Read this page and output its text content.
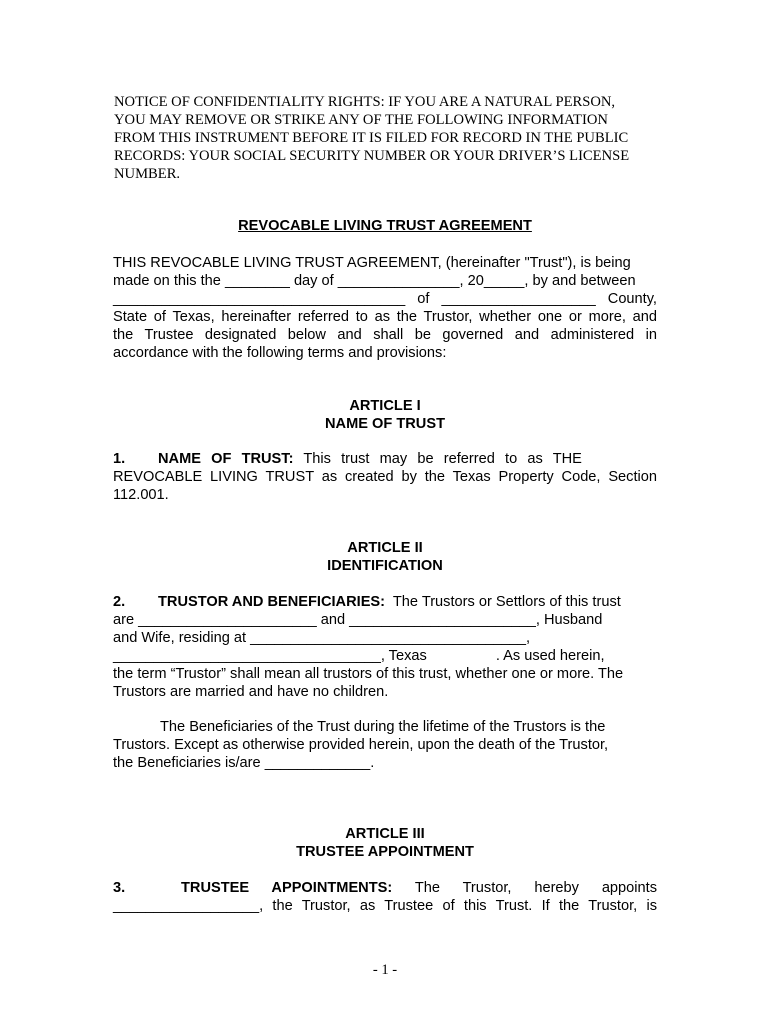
NOTICE OF CONFIDENTIALITY RIGHTS: IF YOU ARE A NATURAL PERSON,
YOU MAY REMOVE OR STRIKE ANY OF THE FOLLOWING INFORMATION
FROM THIS INSTRUMENT BEFORE IT IS FILED FOR RECORD IN THE PUBLIC
RECORDS: YOUR SOCIAL SECURITY NUMBER OR YOUR DRIVER’S LICENSE
NUMBER.
REVOCABLE LIVING TRUST AGREEMENT
THIS REVOCABLE LIVING TRUST AGREEMENT, (hereinafter "Trust"), is being
made on this the ________ day of _______________, 20_____, by and between
____________________________________ of ___________________ County,
State of Texas, hereinafter referred to as the Trustor, whether one or more, and
the Trustee designated below and shall be governed and administered in
accordance with the following terms and provisions:
ARTICLE I
NAME OF TRUST
1. NAME OF TRUST: This trust may be referred to as THE
REVOCABLE LIVING TRUST as created by the Texas Property Code, Section
112.001.
ARTICLE II
IDENTIFICATION
2. TRUSTOR AND BENEFICIARIES: The Trustors or Settlors of this trust
are ______________________ and _______________________, Husband
and Wife, residing at __________________________________,
_________________________________, Texas	. As used herein,
the term “Trustor” shall mean all trustors of this trust, whether one or more. The
Trustors are married and have no children.
The Beneficiaries of the Trust during the lifetime of the Trustors is the
Trustors. Except as otherwise provided herein, upon the death of the Trustor,
the Beneficiaries is/are _____________.
ARTICLE III
TRUSTEE APPOINTMENT
3.	TRUSTEE APPOINTMENTS: The Trustor, hereby appoints
__________________, the Trustor, as Trustee of this Trust. If the Trustor, is
- 1 -
